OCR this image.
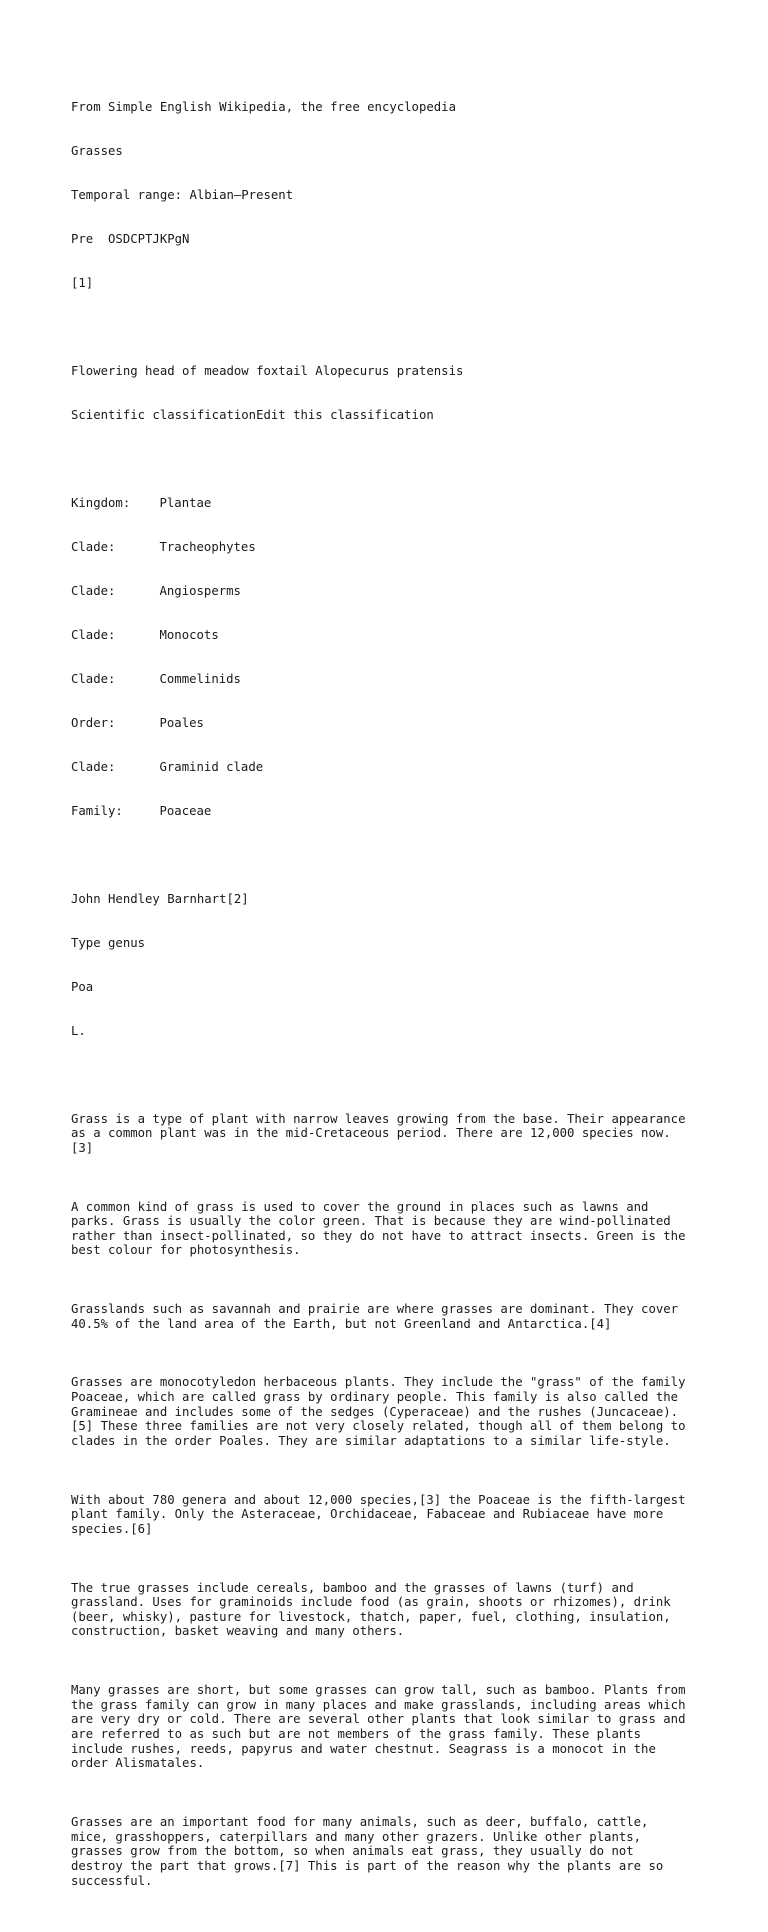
From Simple English Wikipedia, the free encyclopedia

Grasses

Temporal range: Albian–Present

Pre  OSDCPTJKPgN

[1]

Flowering head of meadow foxtail Alopecurus pratensis

Scientific classificationEdit this classification

Kingdom: Plantae

Clade:	Tracheophytes

Clade:	Angiosperms

Clade:	Monocots

Clade:	Commelinids

Order:	Poales

Clade:	Graminid clade

Family:	Poaceae

John Hendley Barnhart[2]

Type genus

Poa

L.

Grass is a type of plant with narrow leaves growing from the base. Their appearance
as a common plant was in the mid-Cretaceous period. There are 12,000 species now.
[3]

A common kind of grass is used to cover the ground in places such as lawns and
parks. Grass is usually the color green. That is because they are wind-pollinated
rather than insect-pollinated, so they do not have to attract insects. Green is the
best colour for photosynthesis.

Grasslands such as savannah and prairie are where grasses are dominant. They cover
40.5% of the land area of the Earth, but not Greenland and Antarctica.[4]

Grasses are monocotyledon herbaceous plants. They include the "grass" of the family
Poaceae, which are called grass by ordinary people. This family is also called the
Gramineae and includes some of the sedges (Cyperaceae) and the rushes (Juncaceae).
[5] These three families are not very closely related, though all of them belong to
clades in the order Poales. They are similar adaptations to a similar life-style.

With about 780 genera and about 12,000 species,[3] the Poaceae is the fifth-largest
plant family. Only the Asteraceae, Orchidaceae, Fabaceae and Rubiaceae have more
species.[6]

The true grasses include cereals, bamboo and the grasses of lawns (turf) and
grassland. Uses for graminoids include food (as grain, shoots or rhizomes), drink
(beer, whisky), pasture for livestock, thatch, paper, fuel, clothing, insulation,
construction, basket weaving and many others.

Many grasses are short, but some grasses can grow tall, such as bamboo. Plants from
the grass family can grow in many places and make grasslands, including areas which
are very dry or cold. There are several other plants that look similar to grass and
are referred to as such but are not members of the grass family. These plants
include rushes, reeds, papyrus and water chestnut. Seagrass is a monocot in the
order Alismatales.

Grasses are an important food for many animals, such as deer, buffalo, cattle,
mice, grasshoppers, caterpillars and many other grazers. Unlike other plants,
grasses grow from the bottom, so when animals eat grass, they usually do not
destroy the part that grows.[7] This is part of the reason why the plants are so
successful.
